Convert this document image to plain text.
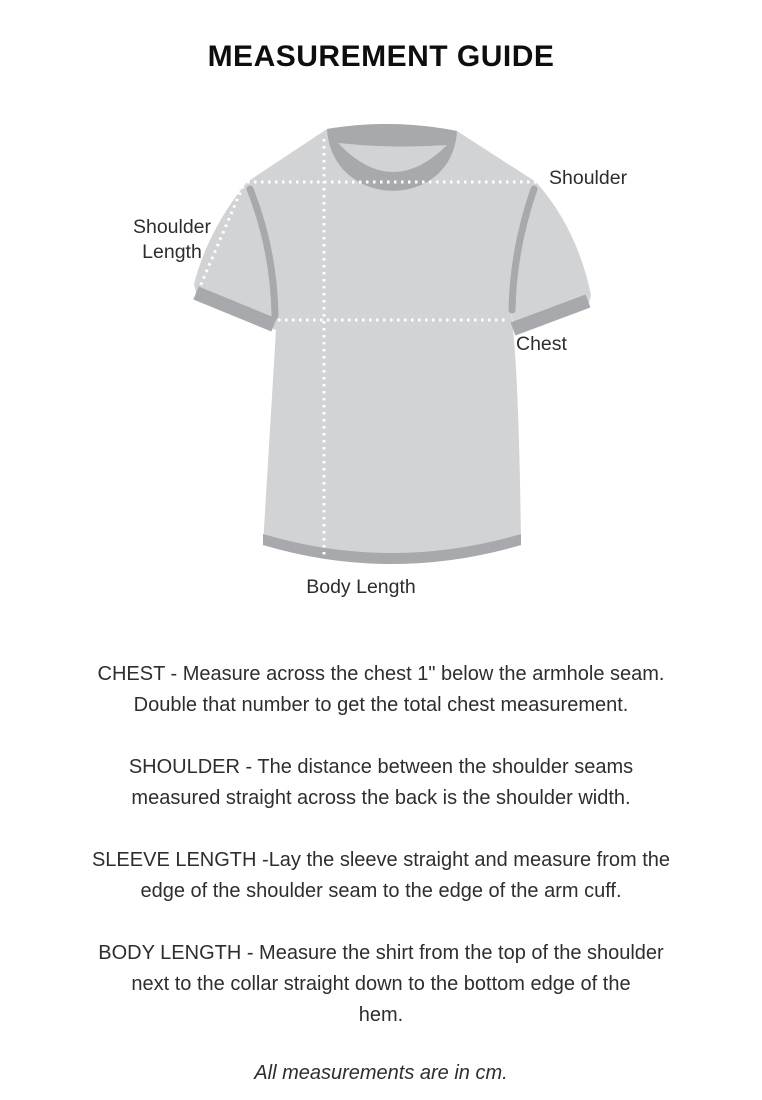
MEASUREMENT GUIDE
Shoulder
Shoulder
Length
Chest
Body Length

CHEST - Measure across the chest 1" below the armhole seam.
Double that number to get the total chest measurement.

SHOULDER - The distance between the shoulder seams
measured straight across the back is the shoulder width.

SLEEVE LENGTH -Lay the sleeve straight and measure from the
edge of the shoulder seam to the edge of the arm cuff.

BODY LENGTH - Measure the shirt from the top of the shoulder
next to the collar straight down to the bottom edge of the
hem.

All measurements are in cm.
